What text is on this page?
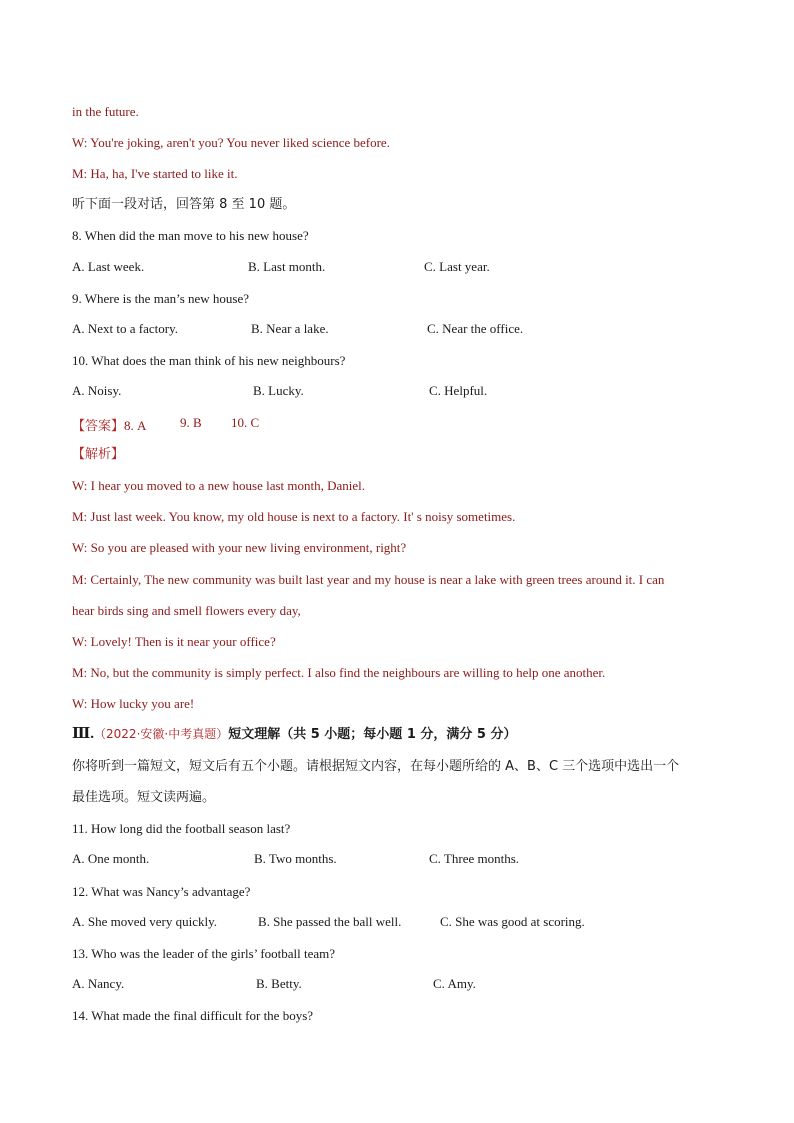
in the future.
W: You're joking, aren't you? You never liked science before.
M: Ha, ha, I've started to like it.
听下面一段对话，回答第 8 至 10 题。
8. When did the man move to his new house?
A. Last week.	B. Last month.	C. Last year.
9. Where is the man’s new house?
A. Next to a factory.	B. Near a lake.	C. Near the office.
10. What does the man think of his new neighbours?
A. Noisy.	B. Lucky.	C. Helpful.
【答案】8. A	9. B 10. C
【解析】
W: I hear you moved to a new house last month, Daniel.
M: Just last week. You know, my old house is next to a factory. It' s noisy sometimes.
W: So you are pleased with your new living environment, right?
M: Certainly, The new community was built last year and my house is near a lake with green trees around it. I can
hear birds sing and smell flowers every day,
W: Lovely! Then is it near your office?
M: No, but the community is simply perfect. I also find the neighbours are willing to help one another.
W: How lucky you are!
Ⅲ.（2022·安徽·中考真题）短文理解（共 5 小题；每小题 1 分，满分 5 分）
你将听到一篇短文，短文后有五个小题。请根据短文内容，在每小题所给的 A、B、C 三个选项中选出一个
最佳选项。短文读两遍。
11. How long did the football season last?
A. One month.	B. Two months.	C. Three months.
12. What was Nancy’s advantage?
A. She moved very quickly.	B. She passed the ball well.	C. She was good at scoring.
13. Who was the leader of the girls’ football team?
A. Nancy.	B. Betty.	C. Amy.
14. What made the final difficult for the boys?
